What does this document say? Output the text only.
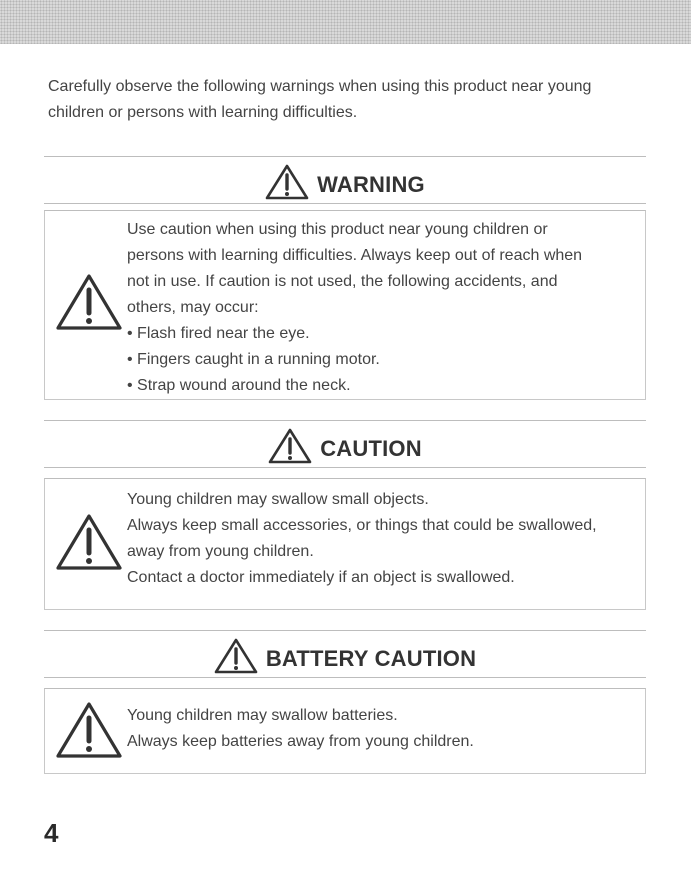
Carefully observe the following warnings when using this product near young
children or persons with learning difficulties.

WARNING
Use caution when using this product near young children or
persons with learning difficulties. Always keep out of reach when
not in use. If caution is not used, the following accidents, and
others, may occur:
• Flash fired near the eye.
• Fingers caught in a running motor.
• Strap wound around the neck.
CAUTION
Young children may swallow small objects.
Always keep small accessories, or things that could be swallowed,
away from young children.
Contact a doctor immediately if an object is swallowed.
BATTERY CAUTION
Young children may swallow batteries.
Always keep batteries away from young children.
4
